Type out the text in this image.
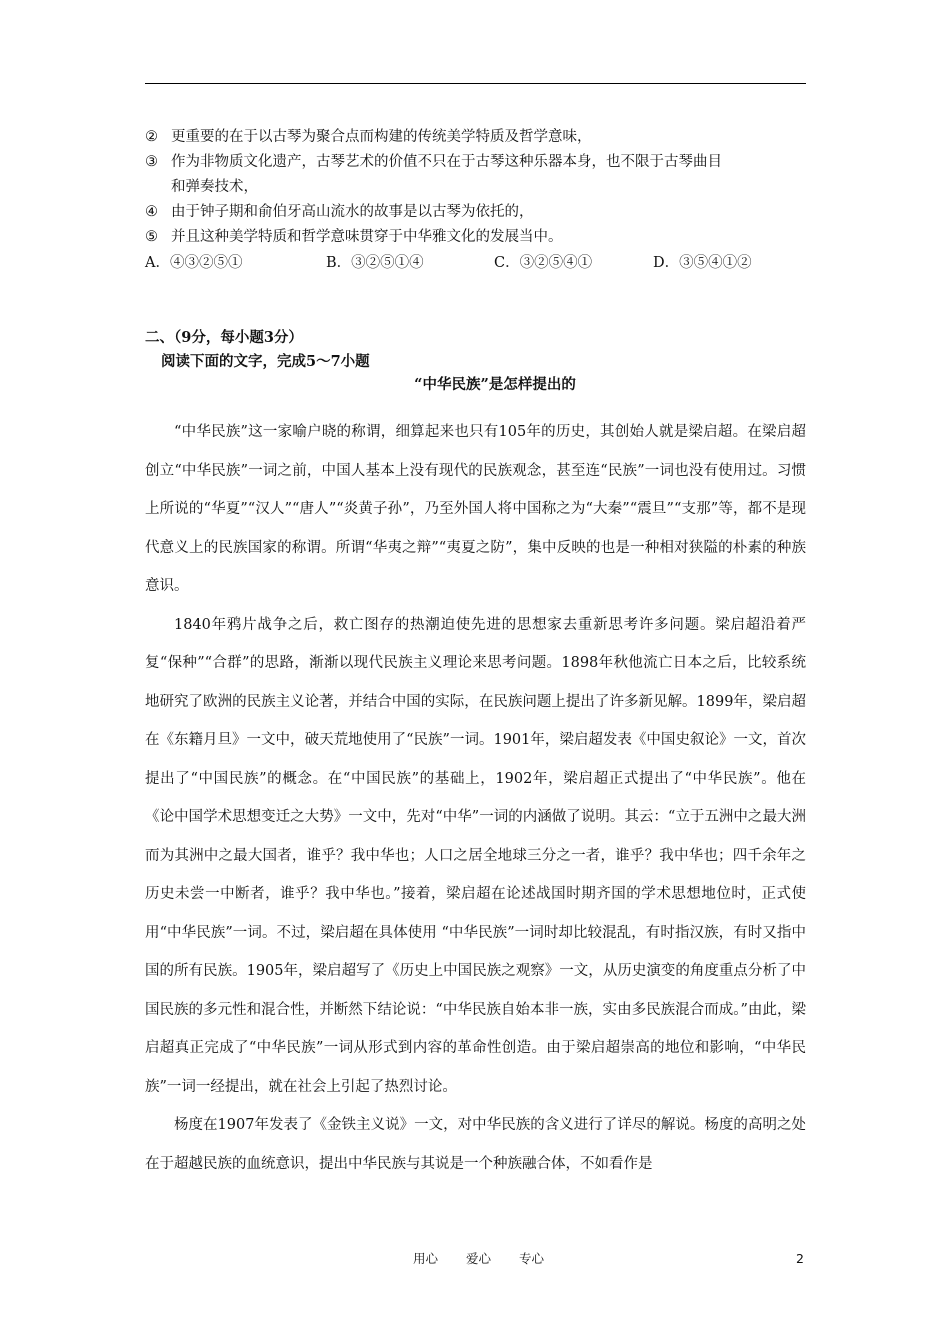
② 更重要的在于以古琴为聚合点而构建的传统美学特质及哲学意味，
③ 作为非物质文化遗产，古琴艺术的价值不只在于古琴这种乐器本身，也不限于古琴曲目
和弹奏技术，
④ 由于钟子期和俞伯牙高山流水的故事是以古琴为依托的，
⑤ 并且这种美学特质和哲学意味贯穿于中华雅文化的发展当中。
A．④③②⑤①	B．③②⑤①④	C．③②⑤④①	D．③⑤④①②
二、（9分，每小题3分）
阅读下面的文字，完成5～7小题
“中华民族”是怎样提出的

“中华民族”这一家喻户晓的称谓，细算起来也只有105年的历史，其创始人就是梁启超。在梁启超创立“中华民族”一词之前，中国人基本上没有现代的民族观念，甚至连“民族”一词也没有使用过。习惯上所说的“华夏”“汉人”“唐人”“炎黄子孙”，乃至外国人将中国称之为“大秦”“震旦”“支那”等，都不是现代意义上的民族国家的称谓。所谓“华夷之辩”“夷夏之防”，集中反映的也是一种相对狭隘的朴素的种族意识。

1840年鸦片战争之后，救亡图存的热潮迫使先进的思想家去重新思考许多问题。梁启超沿着严复“保种”“合群”的思路，渐渐以现代民族主义理论来思考问题。1898年秋他流亡日本之后，比较系统地研究了欧洲的民族主义论著，并结合中国的实际，在民族问题上提出了许多新见解。1899年，梁启超在《东籍月旦》一文中，破天荒地使用了“民族”一词。1901年，梁启超发表《中国史叙论》一文，首次提出了“中国民族”的概念。在“中国民族”的基础上，1902年，梁启超正式提出了“中华民族”。他在《论中国学术思想变迁之大势》一文中，先对“中华”一词的内涵做了说明。其云：“立于五洲中之最大洲而为其洲中之最大国者，谁乎？我中华也；人口之居全地球三分之一者，谁乎？我中华也；四千余年之历史未尝一中断者，谁乎？我中华也。”接着，梁启超在论述战国时期齐国的学术思想地位时，正式使用“中华民族”一词。不过，梁启超在具体使用 “中华民族”一词时却比较混乱，有时指汉族，有时又指中国的所有民族。1905年，梁启超写了《历史上中国民族之观察》一文，从历史演变的角度重点分析了中国民族的多元性和混合性，并断然下结论说：“中华民族自始本非一族，实由多民族混合而成。”由此，梁启超真正完成了“中华民族”一词从形式到内容的革命性创造。由于梁启超崇高的地位和影响，“中华民族”一词一经提出，就在社会上引起了热烈讨论。

杨度在1907年发表了《金铁主义说》一文，对中华民族的含义进行了详尽的解说。杨度的高明之处在于超越民族的血统意识，提出中华民族与其说是一个种族融合体，不如看作是

用心 爱心 专心	2
